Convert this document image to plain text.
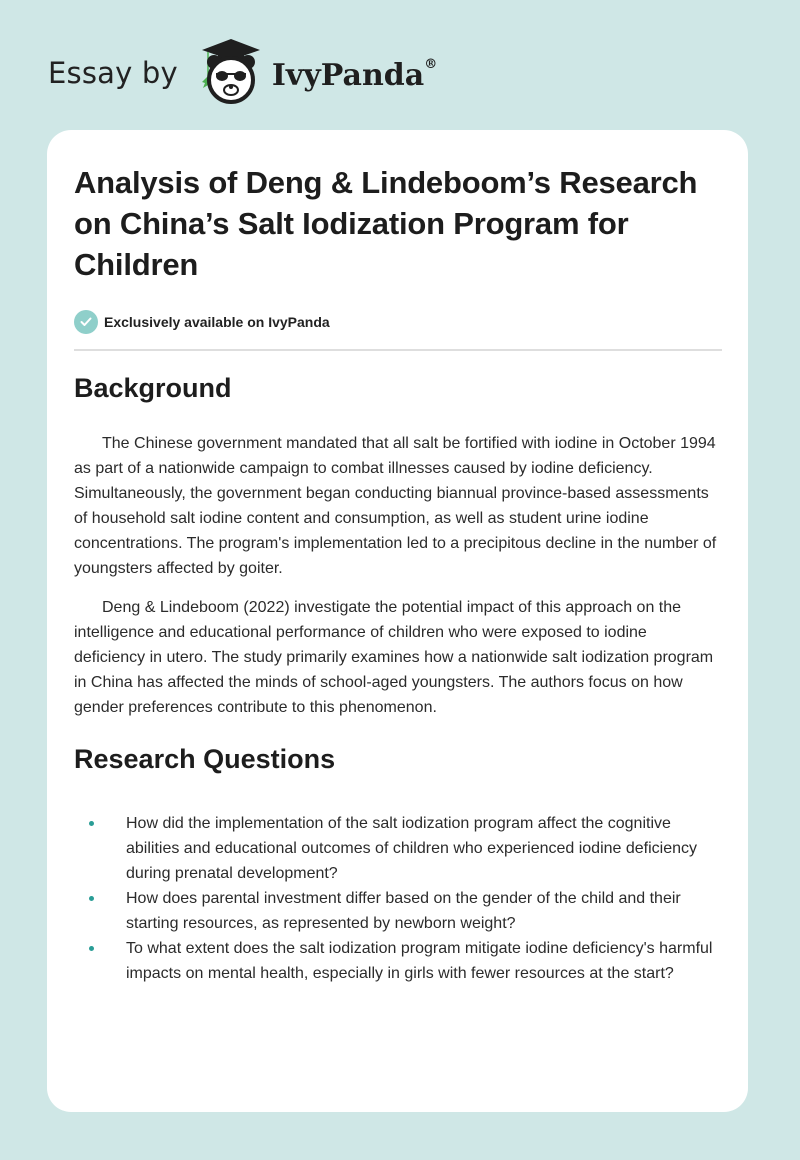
Essay by	IvyPanda®
Analysis of Deng & Lindeboom’s Research on China’s Salt Iodization Program for Children
Exclusively available on IvyPanda
Background

The Chinese government mandated that all salt be fortified with iodine in October 1994 as part of a nationwide campaign to combat illnesses caused by iodine deficiency. Simultaneously, the government began conducting biannual province-based assessments of household salt iodine content and consumption, as well as student urine iodine concentrations. The program's implementation led to a precipitous decline in the number of youngsters affected by goiter.

Deng & Lindeboom (2022) investigate the potential impact of this approach on the intelligence and educational performance of children who were exposed to iodine deficiency in utero. The study primarily examines how a nationwide salt iodization program in China has affected the minds of school-aged youngsters. The authors focus on how gender preferences contribute to this phenomenon.

Research Questions
How did the implementation of the salt iodization program affect the cognitive abilities and educational outcomes of children who experienced iodine deficiency during prenatal development?
How does parental investment differ based on the gender of the child and their starting resources, as represented by newborn weight?
To what extent does the salt iodization program mitigate iodine deficiency's harmful impacts on mental health, especially in girls with fewer resources at the start?
